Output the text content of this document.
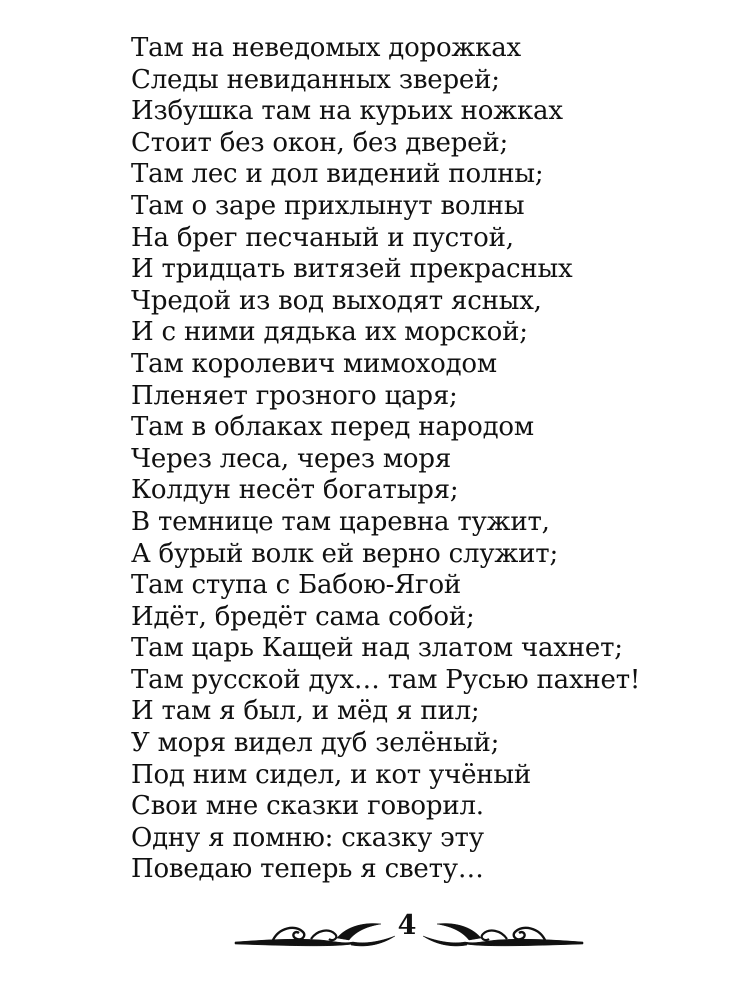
Там на неведомых дорожках
Следы невиданных зверей;
Избушка там на курьих ножках
Стоит без окон, без дверей;
Там лес и дол видений полны;
Там о заре прихлынут волны
На брег песчаный и пустой,
И тридцать витязей прекрасных
Чредой из вод выходят ясных,
И с ними дядька их морской;
Там королевич мимоходом
Пленяет грозного царя;
Там в облаках перед народом
Через леса, через моря
Колдун несёт богатыря;
В темнице там царевна тужит,
А бурый волк ей верно служит;
Там ступа с Бабою-Ягой
Идёт, бредёт сама собой;
Там царь Кащей над златом чахнет;
Там русской дух… там Русью пахнет!
И там я был, и мёд я пил;
У моря видел дуб зелёный;
Под ним сидел, и кот учёный
Свои мне сказки говорил.
Одну я помню: сказку эту
Поведаю теперь я свету…
4
